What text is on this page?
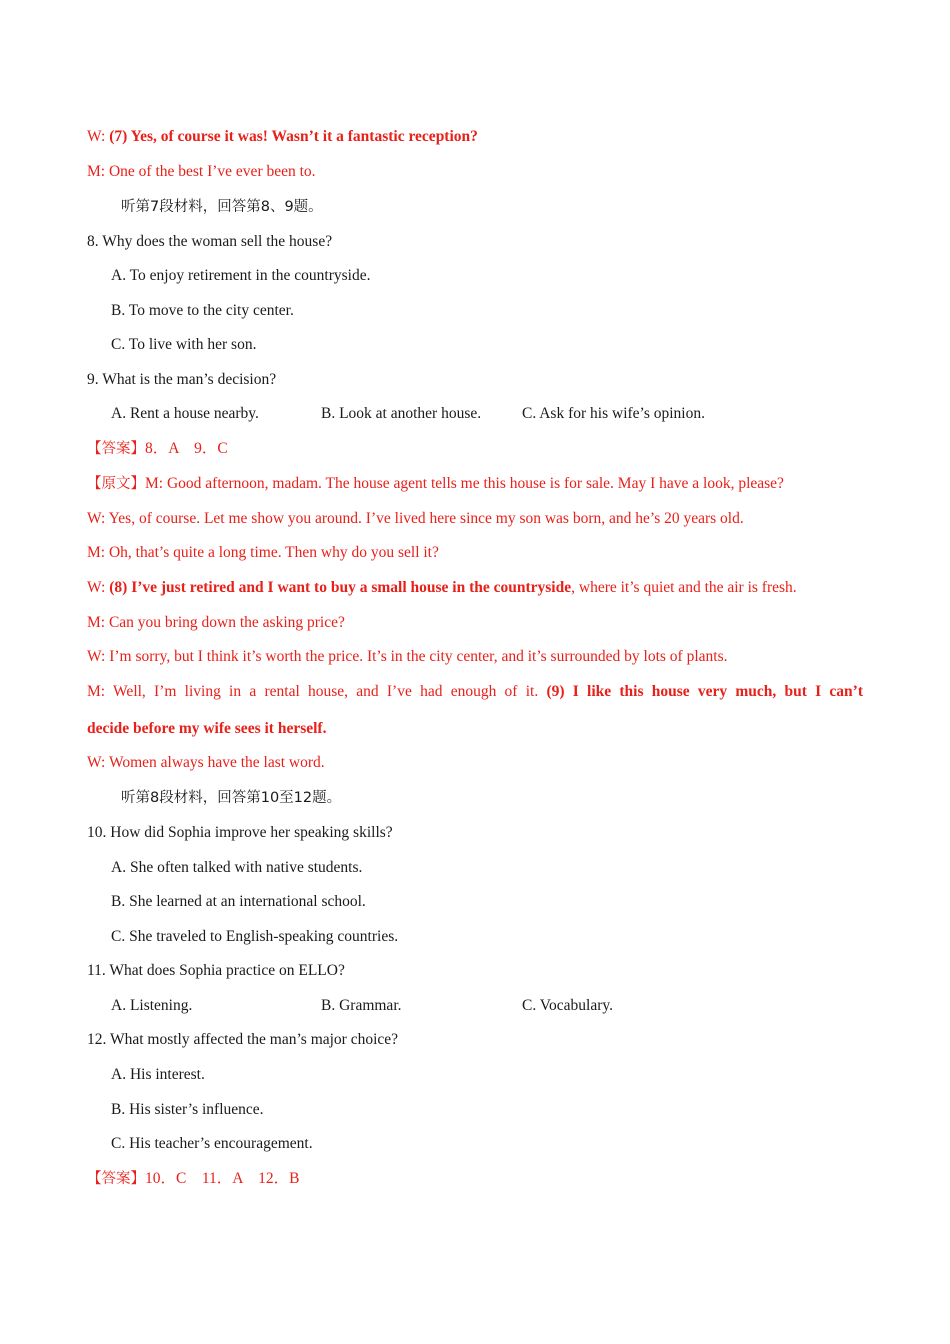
W: (7) Yes, of course it was! Wasn’t it a fantastic reception?
M: One of the best I’ve ever been to.
听第7段材料，回答第8、9题。
8. Why does the woman sell the house?
A. To enjoy retirement in the countryside.
B. To move to the city center.
C. To live with her son.
9. What is the man’s decision?
A. Rent a house nearby.	B. Look at another house.	C. Ask for his wife’s opinion.
【答案】8．A　9．C
【原文】M: Good afternoon, madam. The house agent tells me this house is for sale. May I have a look, please?
W: Yes, of course. Let me show you around. I’ve lived here since my son was born, and he’s 20 years old.
M: Oh, that’s quite a long time. Then why do you sell it?
W: (8) I’ve just retired and I want to buy a small house in the countryside, where it’s quiet and the air is fresh.
M: Can you bring down the asking price?
W: I’m sorry, but I think it’s worth the price. It’s in the city center, and it’s surrounded by lots of plants.
M: Well, I’m living in a rental house, and I’ve had enough of it. (9) I like this house very much, but I can’t
decide before my wife sees it herself.
W: Women always have the last word.
听第8段材料，回答第10至12题。
10. How did Sophia improve her speaking skills?
A. She often talked with native students.
B. She learned at an international school.
C. She traveled to English-speaking countries.
11. What does Sophia practice on ELLO?
A. Listening.	B. Grammar.	C. Vocabulary.
12. What mostly affected the man’s major choice?
A. His interest.
B. His sister’s influence.
C. His teacher’s encouragement.
【答案】10．C　11．A　12．B
